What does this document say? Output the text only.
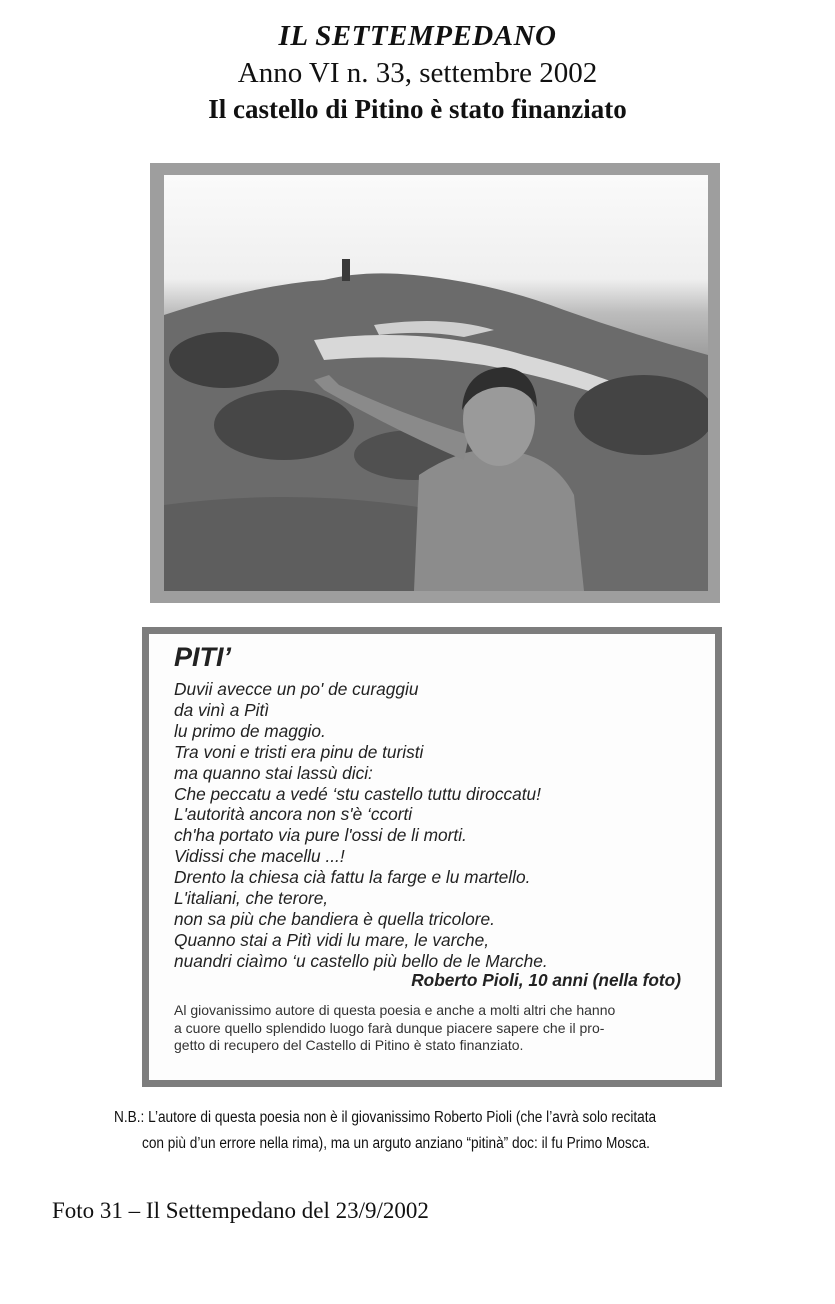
IL SETTEMPEDANO
Anno VI n. 33, settembre 2002
Il castello di Pitino è stato finanziato
PITI’
Duvii avecce un po' de curaggiu
da vinì a Pitì
lu primo de maggio.
Tra voni e tristi era pinu de turisti
ma quanno stai lassù dici:
Che peccatu a vedé ‘stu castello tuttu diroccatu!
L'autorità ancora non s'è ‘ccorti
ch'ha portato via pure l'ossi de li morti.
Vidissi che macellu ...!
Drento la chiesa cià fattu la farge e lu martello.
L'italiani, che terore,
non sa più che bandiera è quella tricolore.
Quanno stai a Pitì vidi lu mare, le varche,
nuandri ciaìmo ‘u castello più bello de le Marche.
Roberto Pioli, 10 anni (nella foto)
Al giovanissimo autore di questa poesia e anche a molti altri che hanno
a cuore quello splendido luogo farà dunque piacere sapere che il pro-
getto di recupero del Castello di Pitino è stato finanziato.
N.B.: L’autore di questa poesia non è il giovanissimo Roberto Pioli (che l’avrà solo recitata
con più d’un errore nella rima), ma un arguto anziano “pitinà” doc: il fu Primo Mosca.
Foto 31 – Il Settempedano del 23/9/2002
